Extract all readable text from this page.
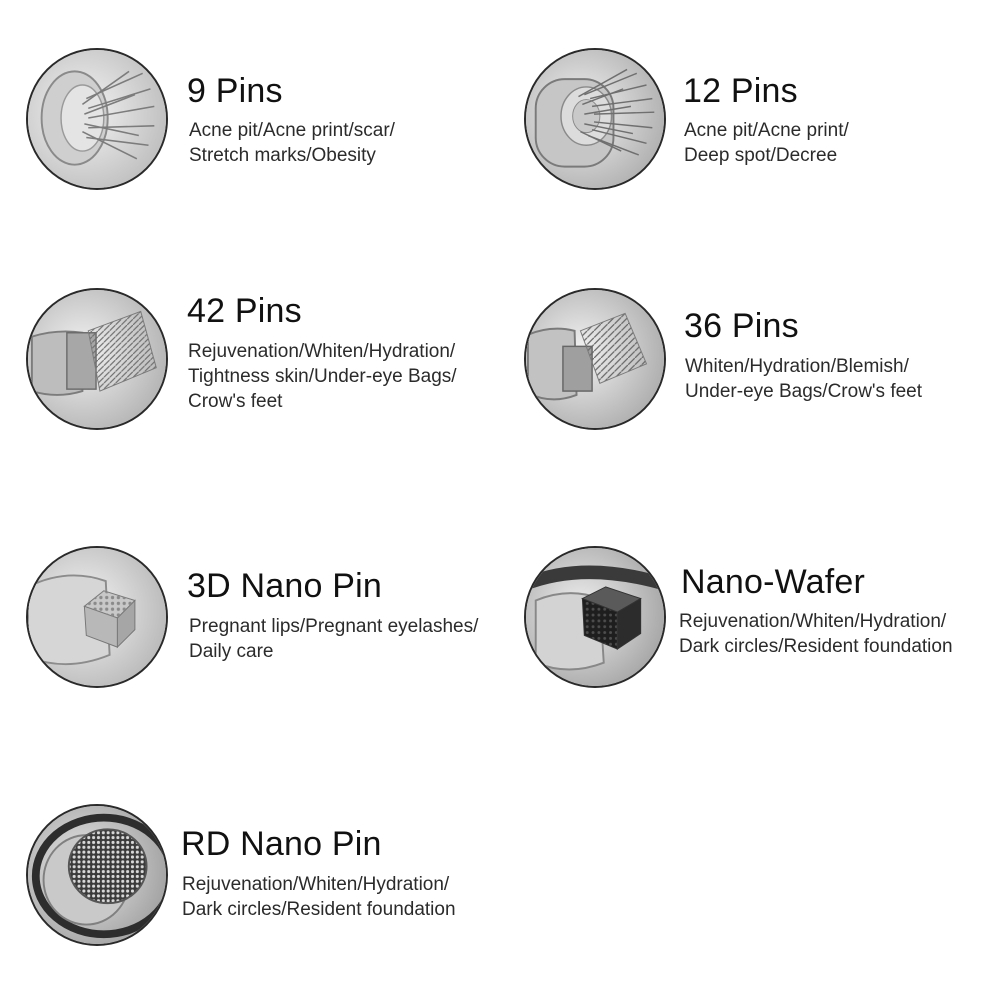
9 Pins
Acne pit/Acne print/scar/
Stretch marks/Obesity
12 Pins
Acne pit/Acne print/
Deep spot/Decree
42 Pins
Rejuvenation/Whiten/Hydration/
Tightness skin/Under-eye Bags/
Crow's feet
36 Pins
Whiten/Hydration/Blemish/
Under-eye Bags/Crow's feet
3D Nano Pin
Pregnant lips/Pregnant eyelashes/
Daily care
Nano-Wafer
Rejuvenation/Whiten/Hydration/
Dark circles/Resident foundation
RD Nano Pin
Rejuvenation/Whiten/Hydration/
Dark circles/Resident foundation
